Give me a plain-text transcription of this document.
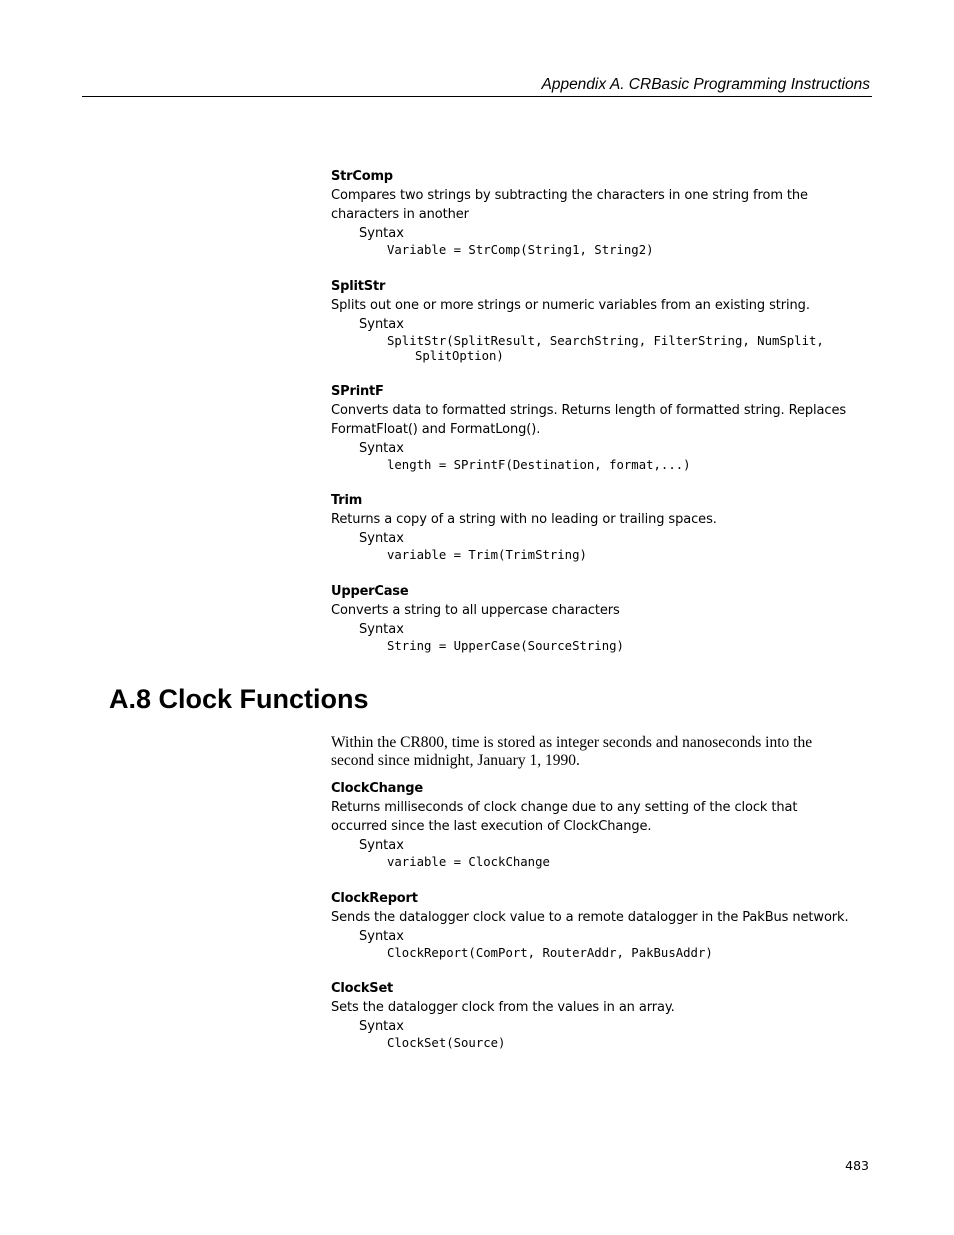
Appendix A. CRBasic Programming Instructions
StrComp
Compares two strings by subtracting the characters in one string from the
characters in another
Syntax
Variable = StrComp(String1, String2)
SplitStr
Splits out one or more strings or numeric variables from an existing string.
Syntax
SplitStr(SplitResult, SearchString, FilterString, NumSplit,
SplitOption)
SPrintF
Converts data to formatted strings. Returns length of formatted string. Replaces
FormatFloat() and FormatLong().
Syntax
length = SPrintF(Destination, format,...)
Trim
Returns a copy of a string with no leading or trailing spaces.
Syntax
variable = Trim(TrimString)
UpperCase
Converts a string to all uppercase characters
Syntax
String = UpperCase(SourceString)
A.8 Clock Functions
Within the CR800, time is stored as integer seconds and nanoseconds into the
second since midnight, January 1, 1990.
ClockChange
Returns milliseconds of clock change due to any setting of the clock that
occurred since the last execution of ClockChange.
Syntax
variable = ClockChange
ClockReport
Sends the datalogger clock value to a remote datalogger in the PakBus network.
Syntax
ClockReport(ComPort, RouterAddr, PakBusAddr)
ClockSet
Sets the datalogger clock from the values in an array.
Syntax
ClockSet(Source)
483
